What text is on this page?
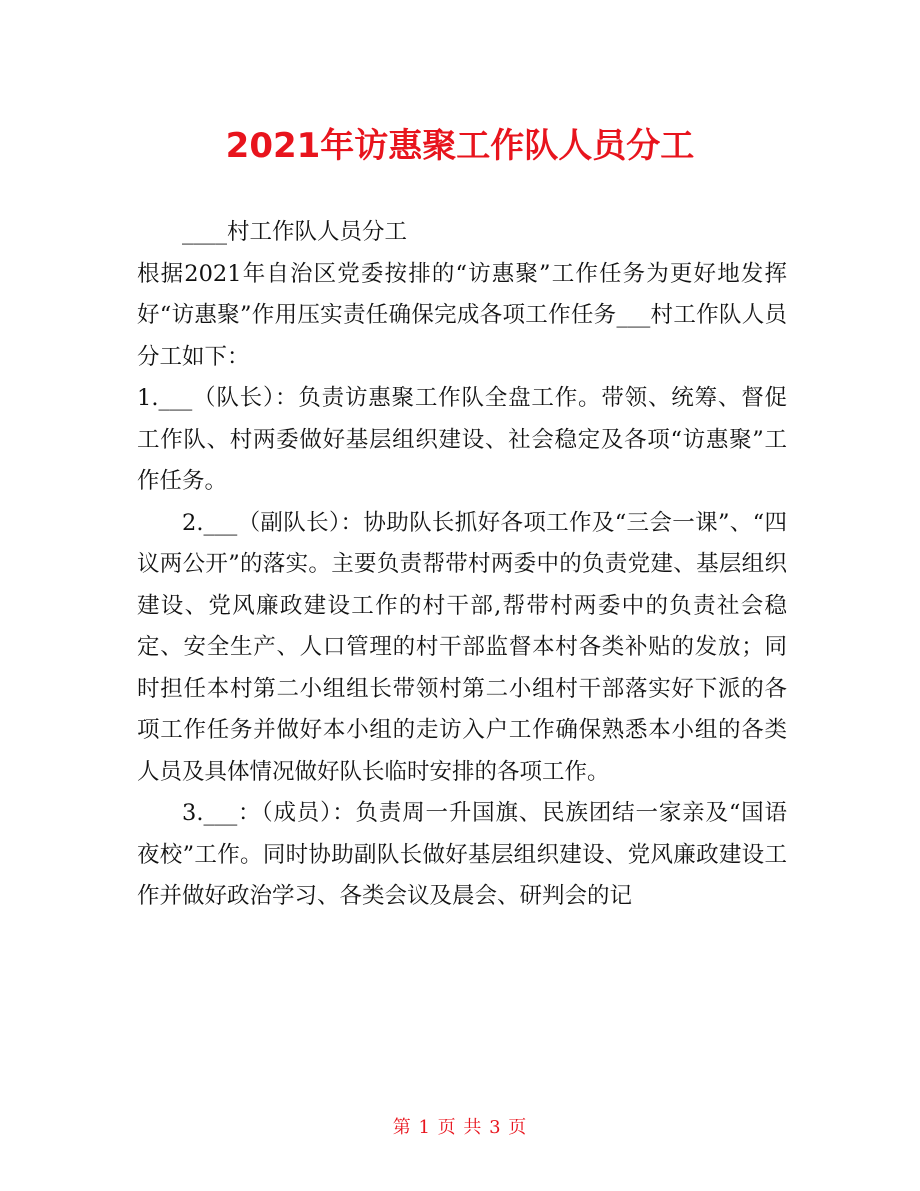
2021年访惠聚工作队人员分工

____村工作队人员分工

根据2021年自治区党委按排的“访惠聚”工作任务为更好地发挥好“访惠聚”作用压实责任确保完成各项工作任务___村工作队人员分工如下：

1.___（队长）：负责访惠聚工作队全盘工作。带领、统筹、督促工作队、村两委做好基层组织建设、社会稳定及各项“访惠聚”工作任务。

2.___（副队长）：协助队长抓好各项工作及“三会一课”、“四议两公开”的落实。主要负责帮带村两委中的负责党建、基层组织建设、党风廉政建设工作的村干部,帮带村两委中的负责社会稳定、安全生产、人口管理的村干部监督本村各类补贴的发放；同时担任本村第二小组组长带领村第二小组村干部落实好下派的各项工作任务并做好本小组的走访入户工作确保熟悉本小组的各类人员及具体情况做好队长临时安排的各项工作。

3.___：（成员）：负责周一升国旗、民族团结一家亲及“国语夜校”工作。同时协助副队长做好基层组织建设、党风廉政建设工作并做好政治学习、各类会议及晨会、研判会的记

第 1 页 共 3 页
